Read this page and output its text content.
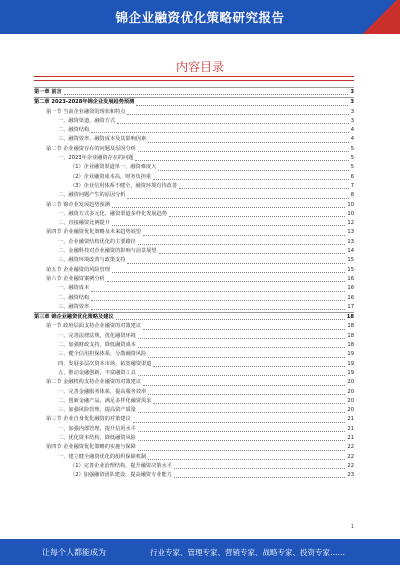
锦企业融资优化策略研究报告
内容目录
第一章 前言	3
第二章 2023-2028年锦企业发展趋势预测	3
第一节 当前企业融资的现状和特点	3
一、融资渠道、融资方式	3
二、融资结构	4
三、融资效率、融资成本及其影响因素	4
第二节 企业融资存在的问题及原因分析	5
一、2023年企业融资存在的问题	5
（1）企业融资渠道单一，融资难度大	5
（2）企业融资成本高，财务负担重	6
（3）企业信用体系不健全，融资环境有待改善	7
二、融资问题产生的原因分析	8
第三节 锦企业发展趋势预测	10
一、融资方式多元化、融资渠道多样化发展趋势	10
二、直接融资比例提升	12
第四节 企业融资优化策略及未来趋势展望	13
一、企业融资结构优化的主要路径	13
二、金融科技对企业融资的影响与前景展望	14
三、融资环境改善与政策支持	15
第五节 企业融资的风险管理	15
第六节 企业融资案例分析	16
一、融资成本	16
二、融资结构	16
三、融资效率	17
第三章 锦企业融资优化策略及建议	18
第一节 政府层面支持企业融资的对策建议	18
一、完善法律法规，优化融资环境	18
二、加强财政支持，降低融资成本	18
三、健全信用担保体系，分散融资风险	19
四、发展多层次资本市场，拓宽融资渠道	19
五、推动金融创新，丰富融资工具	19
第二节 金融机构支持企业融资的对策建议	20
一、完善金融服务体系，提高服务效率	20
二、创新金融产品，满足多样化融资需求	20
三、加强风险管理，提高资产质量	20
第三节 企业自身优化融资的对策建议	21
一、加强内部管理，提升信用水平	21
二、优化资本结构，降低融资风险	21
第四节 企业融资优化策略的实施与保障	22
一、建立健全融资优化的组织保障机制	22
（1）完善企业治理结构，提升融资决策水平	22
（2）加强融资团队建设，提高融资专业能力	23
1
让每个人都能成为	行业专家、管理专家、营销专家、战略专家、投资专家……
